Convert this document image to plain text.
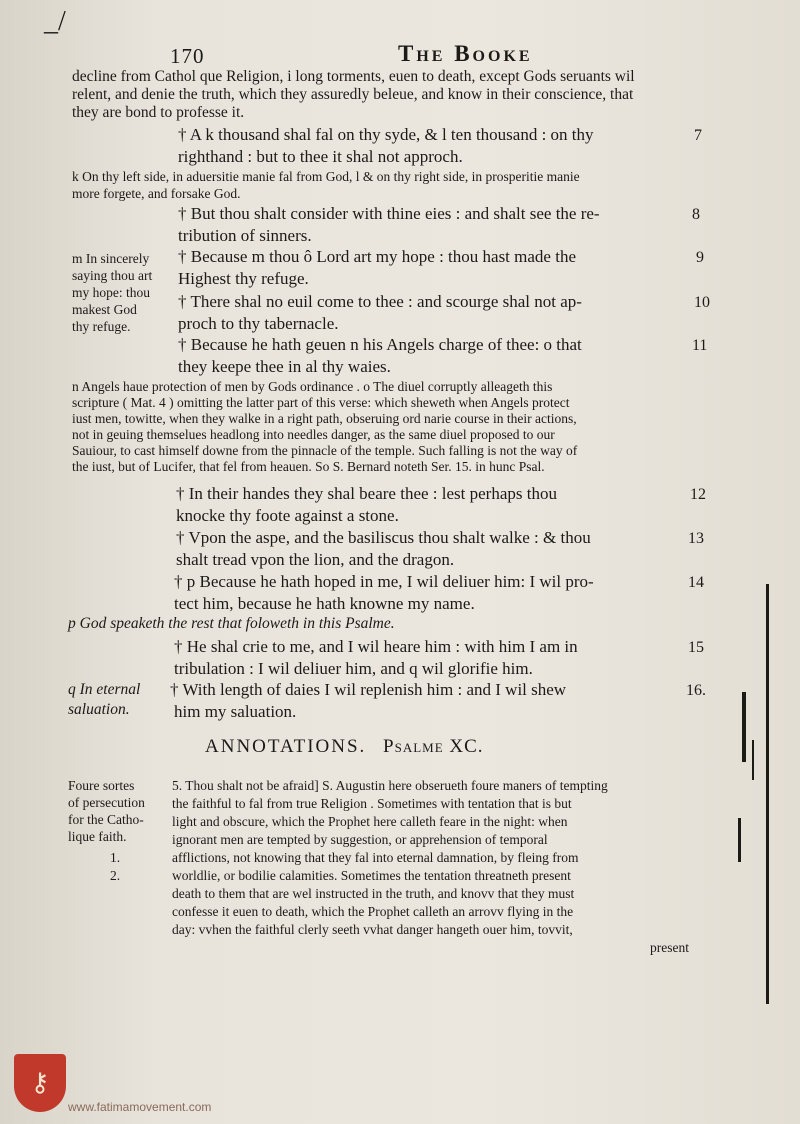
_/
170	The Booke
decline from Cathol que Religion, i long torments, euen to death, except Gods seruants wil
relent, and denie the truth, which they assuredly beleue, and know in their conscience, that
they are bond to professe it.
† A k thousand shal fal on thy syde, & l ten thousand : on thy
righthand : but to thee it shal not approch.
7
k On thy left side, in aduersitie manie fal from God, l & on thy right side, in prosperitie manie
more forgete, and forsake God.
† But thou shalt consider with thine eies : and shalt see the re-
tribution of sinners.
8
m In sincerely
saying thou art
my hope: thou
makest God
thy refuge.
† Because m thou ô Lord art my hope : thou hast made the
Highest thy refuge.
9
† There shal no euil come to thee : and scourge shal not ap-
proch to thy tabernacle.
10
† Because he hath geuen n his Angels charge of thee: o that
they keepe thee in al thy waies.
11
n Angels haue protection of men by Gods ordinance . o The diuel corruptly alleageth this
scripture ( Mat. 4 ) omitting the latter part of this verse: which sheweth when Angels protect
iust men, towitte, when they walke in a right path, obseruing ord narie course in their actions,
not in geuing themselues headlong into needles danger, as the same diuel proposed to our
Sauiour, to cast himself downe from the pinnacle of the temple. Such falling is not the way of
the iust, but of Lucifer, that fel from heauen. So S. Bernard noteth Ser. 15. in hunc Psal.
† In their handes they shal beare thee : lest perhaps thou
knocke thy foote against a stone.
12
† Vpon the aspe, and the basiliscus thou shalt walke : & thou
shalt tread vpon the lion, and the dragon.
13
† p Because he hath hoped in me, I wil deliuer him: I wil pro-
tect him, because he hath knowne my name.
14
p God speaketh the rest that foloweth in this Psalme.
† He shal crie to me, and I wil heare him : with him I am in
tribulation : I wil deliuer him, and q wil glorifie him.
15
q In eternal
saluation.
† With length of daies I wil replenish him : and I wil shew
him my saluation.
16.
ANNOTATIONS. Psalme XC.
Foure sortes
of persecution
for the Catho-
lique faith.
1.
2.
5. Thou shalt not be afraid] S. Augustin here obserueth foure maners of tempting
the faithful to fal from true Religion . Sometimes with tentation that is but
light and obscure, which the Prophet here calleth feare in the night: when
ignorant men are tempted by suggestion, or apprehension of temporal
afflictions, not knowing that they fal into eternal damnation, by fleing from
worldlie, or bodilie calamities. Sometimes the tentation threatneth present
death to them that are wel instructed in the truth, and knovv that they must
confesse it euen to death, which the Prophet calleth an arrovv flying in the
day: vvhen the faithful clerly seeth vvhat danger hangeth ouer him, tovvit,
present
⚷
www.fatimamovement.com
